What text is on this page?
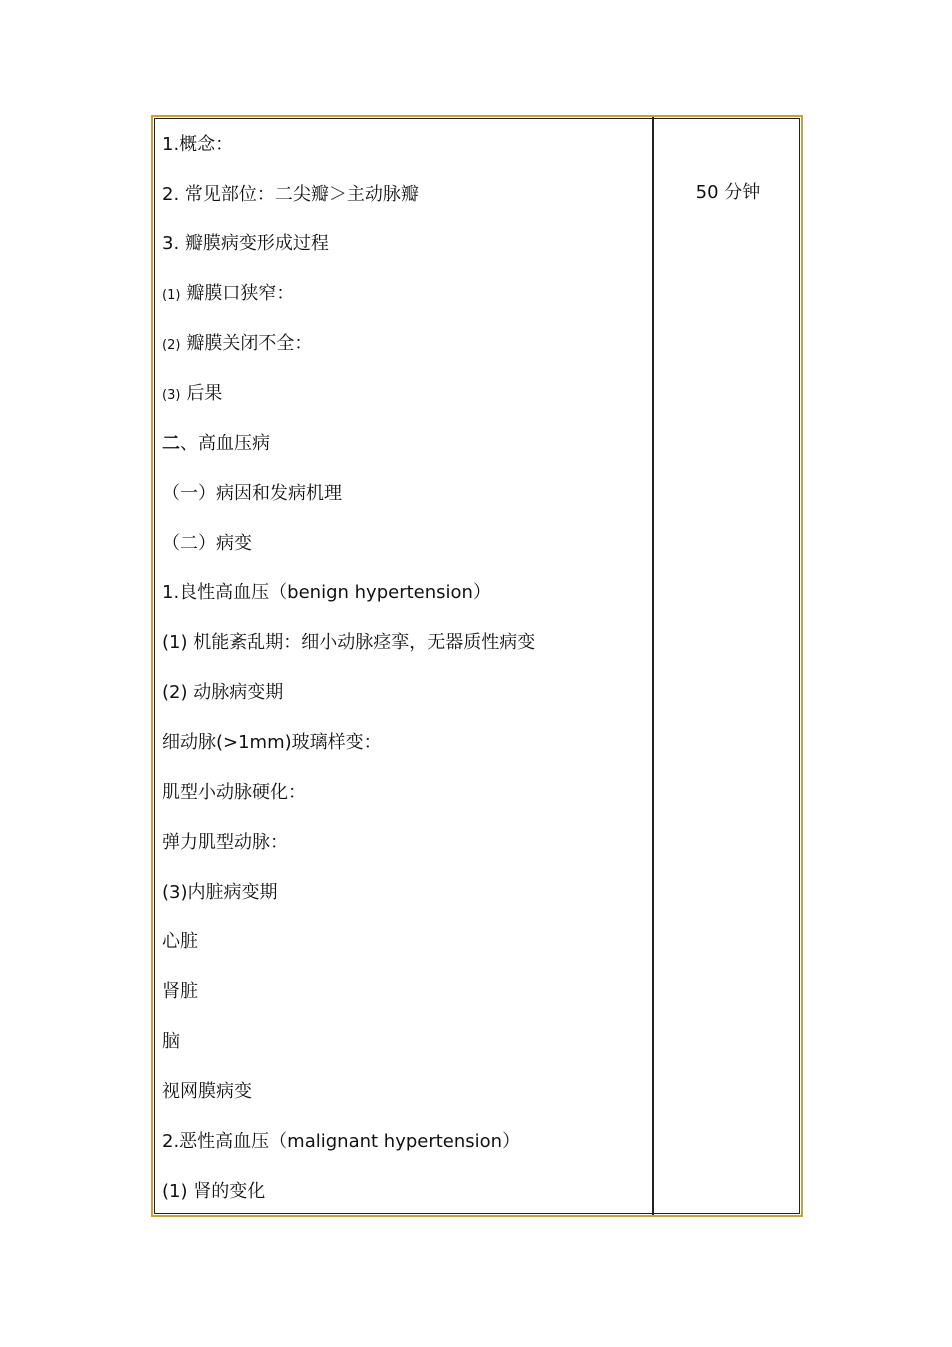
1.概念：
2. 常见部位：二尖瓣＞主动脉瓣
3. 瓣膜病变形成过程
(1) 瓣膜口狭窄：
(2) 瓣膜关闭不全：
(3) 后果
二、高血压病
（一）病因和发病机理
（二）病变
1.良性高血压（benign hypertension）
(1) 机能紊乱期：细小动脉痉挛，无器质性病变
(2) 动脉病变期
细动脉(>1mm)玻璃样变：
肌型小动脉硬化：
弹力肌型动脉：
(3)内脏病变期
心脏
肾脏
脑
视网膜病变
2.恶性高血压（malignant hypertension）
(1) 肾的变化
50 分钟
